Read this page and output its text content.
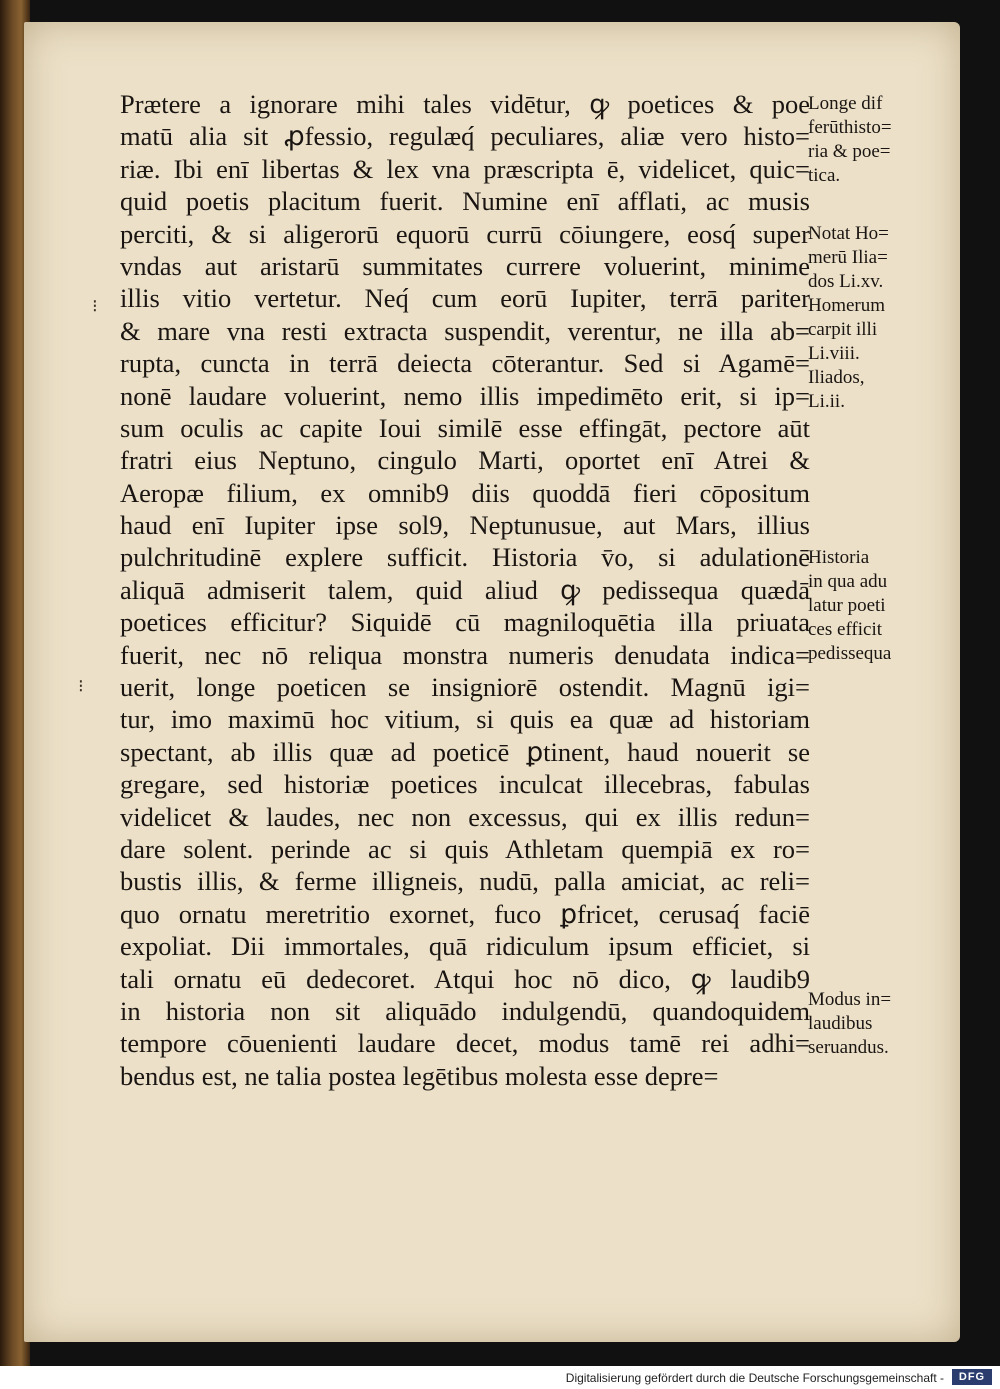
Prætere a ignorare mihi tales vidētur, ꝙ poetices & poe
matū alia sit ꝓfessio, regulæq́ peculiares, aliæ vero histo=
riæ. Ibi enī libertas & lex vna præscripta ē, videlicet, quic=
quid poetis placitum fuerit. Numine enī afflati, ac musis
perciti, & si aligerorū equorū currū cōiungere, eosq́ super
vndas aut aristarū summitates currere voluerint, minime
illis vitio vertetur. Neq́ cum eorū Iupiter, terrā pariter
& mare vna resti extracta suspendit, verentur, ne illa ab=
rupta, cuncta in terrā deiecta cōterantur. Sed si Agamē=
nonē laudare voluerint, nemo illis impedimēto erit, si ip=
sum oculis ac capite Ioui similē esse effingāt, pectore aūt
fratri eius Neptuno, cingulo Marti, oportet enī Atrei &
Aeropæ filium, ex omnib9 diis quoddā fieri cōpositum
haud enī Iupiter ipse sol9, Neptunusue, aut Mars, illius
pulchritudinē explere sufficit. Historia v̄o, si adulationē
aliquā admiserit talem, quid aliud ꝙ pedissequa quædā
poetices efficitur? Siquidē cū magniloquētia illa priuata
fuerit, nec nō reliqua monstra numeris denudata indica=
uerit, longe poeticen se insigniorē ostendit. Magnū igi=
tur, imo maximū hoc vitium, si quis ea quæ ad historiam
spectant, ab illis quæ ad poeticē ꝑtinent, haud nouerit se
gregare, sed historiæ poetices inculcat illecebras, fabulas
videlicet & laudes, nec non excessus, qui ex illis redun=
dare solent. perinde ac si quis Athletam quempiā ex ro=
bustis illis, & ferme illigneis, nudū, palla amiciat, ac reli=
quo ornatu meretritio exornet, fuco ꝑfricet, cerusaq́ faciē
expoliat. Dii immortales, quā ridiculum ipsum efficiet, si
tali ornatu eū dedecoret. Atqui hoc nō dico, ꝙ laudib9
in historia non sit aliquādo indulgendū, quandoquidem
tempore cōuenienti laudare decet, modus tamē rei adhi=
bendus est, ne talia postea legētibus molesta esse depre=
Longe dif
ferūthisto=
ria & poe=
tica.
Notat Ho=
merū Ilia=
dos Li.xv.
Homerum
carpit illi
Li.viii.
Iliados,
Li.ii.
Historia
in qua adu
latur poeti
ces efficit
pedissequa
Modus in=
laudibus
seruandus.
⁝
⁝
Digitalisierung gefördert durch die Deutsche Forschungsgemeinschaft -	DFG
